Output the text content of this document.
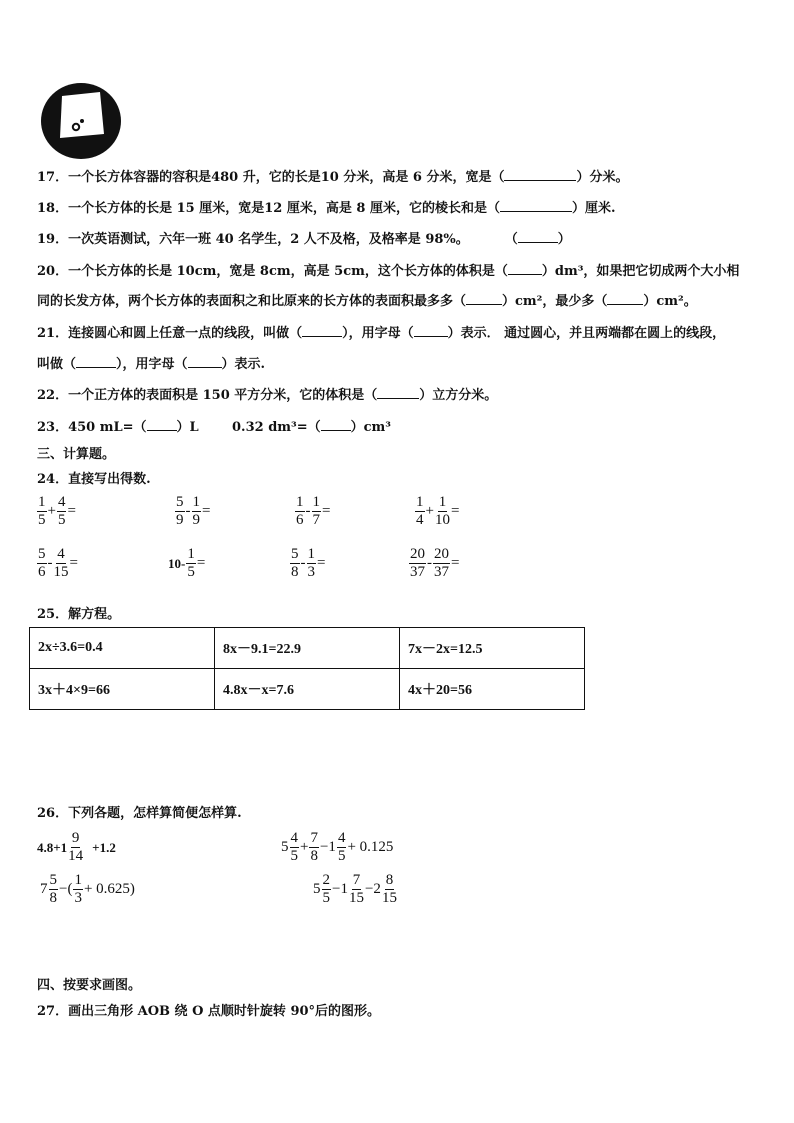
17．一个长方体容器的容积是480 升，它的长是10 分米，高是 6 分米，宽是（	）分米。
18．一个长方体的长是 15 厘米，宽是12 厘米，高是 8 厘米，它的棱长和是（	）厘米.
19．一次英语测试，六年一班 40 名学生，2 人不及格，及格率是 98%。	（	）
20．一个长方体的长是 10cm，宽是 8cm，高是 5cm，这个长方体的体积是（	）dm³，如果把它切成两个大小相
同的长发方体，两个长方体的表面积之和比原来的长方体的表面积最多多（	）cm²，最少多（	）cm²。
21．连接圆心和圆上任意一点的线段，叫做（	），用字母（	）表示． 通过圆心，并且两端都在圆上的线段，
叫做（	），用字母（	）表示.
22．一个正方体的表面积是 150 平方分米，它的体积是（	）立方分米。
23．450 mL=（ ）L	0.32 dm³=（ ）cm³
三、计算题。
24．直接写出得数.
$\frac{1}{5} + \frac{4}{5}$ =	$\frac{5}{9} - \frac{1}{9}$ =	$\frac{1}{6} - \frac{1}{7}$ =	$\frac{1}{4} + \frac{1}{10}$ =
$\frac{5}{6} - \frac{4}{15}$ =	$10- \frac{1}{5}$ =	$\frac{5}{8} - \frac{1}{3}$ =	$\frac{20}{37} - \frac{20}{37}$ =
25．解方程。
2x÷3.6=0.4	8x－9.1=22.9	7x－2x=12.5
3x＋4×9=66	4.8x－x=7.6	4x＋20=56
26．下列各题，怎样算简便怎样算.
$4.8+1 \frac{9}{14} +1.2$	$5 \frac{4}{5} + \frac{7}{8} -1 \frac{4}{5} + 0.125$
$7 \frac{5}{8}$ −( $\frac{1}{3} + 0.625$)	$5 \frac{2}{5} -1 \frac{7}{15} -2 \frac{8}{15}$
四、按要求画图。
27．画出三角形 AOB 绕 O 点顺时针旋转 90°后的图形。
